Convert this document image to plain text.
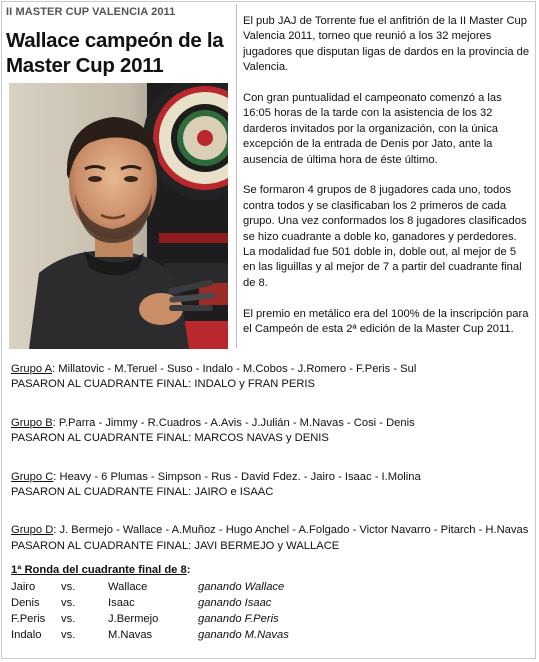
II MASTER CUP VALENCIA 2011
Wallace campeón de la Master Cup 2011

El pub JAJ de Torrente fue el anfitrión de la II Master Cup Valencia 2011, torneo que reunió a los 32 mejores jugadores que disputan ligas de dardos en la provincia de Valencia.

Con gran puntualidad el campeonato comenzó a las 16:05 horas de la tarde con la asistencia de los 32 darderos invitados por la organización, con la única excepción de la entrada de Denis por Jato, ante la ausencia de última hora de éste último.

Se formaron 4 grupos de 8 jugadores cada uno, todos contra todos y se clasificaban los 2 primeros de cada grupo. Una vez conformados los 8 jugadores clasificados se hizo cuadrante a doble ko, ganadores y perdedores. La modalidad fue 501 doble in, doble out, al mejor de 5 en las liguillas y al mejor de 7 a partir del cuadrante final de 8.

El premio en metálico era del 100% de la inscripción para el Campeón de esta 2ª edición de la Master Cup 2011.

Grupo A: Millatovic - M.Teruel - Suso - Indalo - M.Cobos - J.Romero - F.Peris - Sul
PASARON AL CUADRANTE FINAL: INDALO y FRAN PERIS
Grupo B: P.Parra - Jimmy - R.Cuadros - A.Avis - J.Julián - M.Navas - Cosi - Denis
PASARON AL CUADRANTE FINAL: MARCOS NAVAS y DENIS
Grupo C: Heavy - 6 Plumas - Simpson - Rus - David Fdez. - Jairo - Isaac - I.Molina
PASARON AL CUADRANTE FINAL: JAIRO e ISAAC
Grupo D: J. Bermejo - Wallace - A.Muñoz - Hugo Anchel - A.Folgado - Victor Navarro - Pitarch - H.Navas
PASARON AL CUADRANTE FINAL: JAVI BERMEJO y WALLACE
1ª Ronda del cuadrante final de 8:
Jairo	vs.	Wallace	ganando Wallace
Denis	vs.	Isaac	ganando Isaac
F.Peris	vs.	J.Bermejo	ganando F.Peris
Indalo	vs.	M.Navas	ganando M.Navas
